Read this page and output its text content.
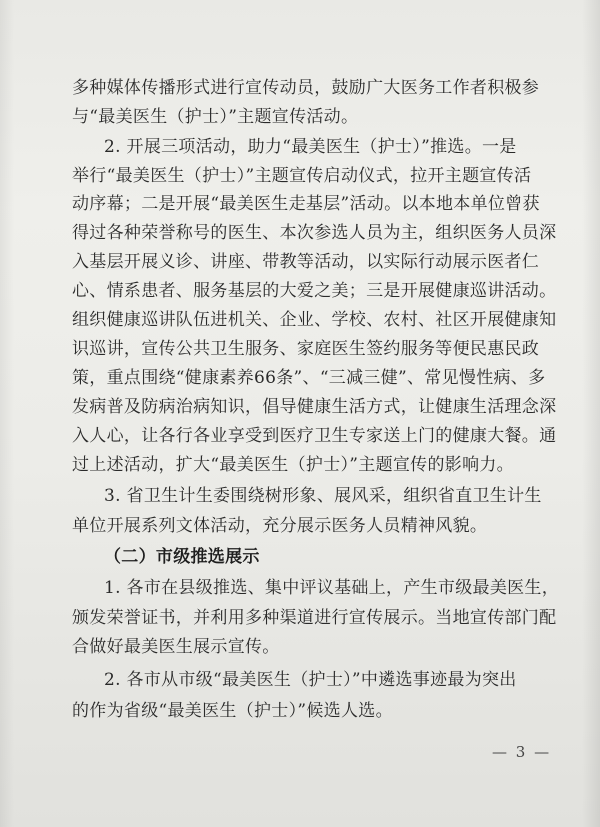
多种媒体传播形式进行宣传动员，鼓励广大医务工作者积极参
与“最美医生（护士）”主题宣传活动。
2. 开展三项活动，助力“最美医生（护士）”推选。一是
举行“最美医生（护士）”主题宣传启动仪式，拉开主题宣传活
动序幕；二是开展“最美医生走基层”活动。以本地本单位曾获
得过各种荣誉称号的医生、本次参选人员为主，组织医务人员深
入基层开展义诊、讲座、带教等活动，以实际行动展示医者仁
心、情系患者、服务基层的大爱之美；三是开展健康巡讲活动。
组织健康巡讲队伍进机关、企业、学校、农村、社区开展健康知
识巡讲，宣传公共卫生服务、家庭医生签约服务等便民惠民政
策，重点围绕“健康素养66条”、“三减三健”、常见慢性病、多
发病普及防病治病知识，倡导健康生活方式，让健康生活理念深
入人心，让各行各业享受到医疗卫生专家送上门的健康大餐。通
过上述活动，扩大“最美医生（护士）”主题宣传的影响力。
3. 省卫生计生委围绕树形象、展风采，组织省直卫生计生
单位开展系列文体活动，充分展示医务人员精神风貌。
（二）市级推选展示
1. 各市在县级推选、集中评议基础上，产生市级最美医生，
颁发荣誉证书，并利用多种渠道进行宣传展示。当地宣传部门配
合做好最美医生展示宣传。
2. 各市从市级“最美医生（护士）”中遴选事迹最为突出
的作为省级“最美医生（护士）”候选人选。
— 3 —
